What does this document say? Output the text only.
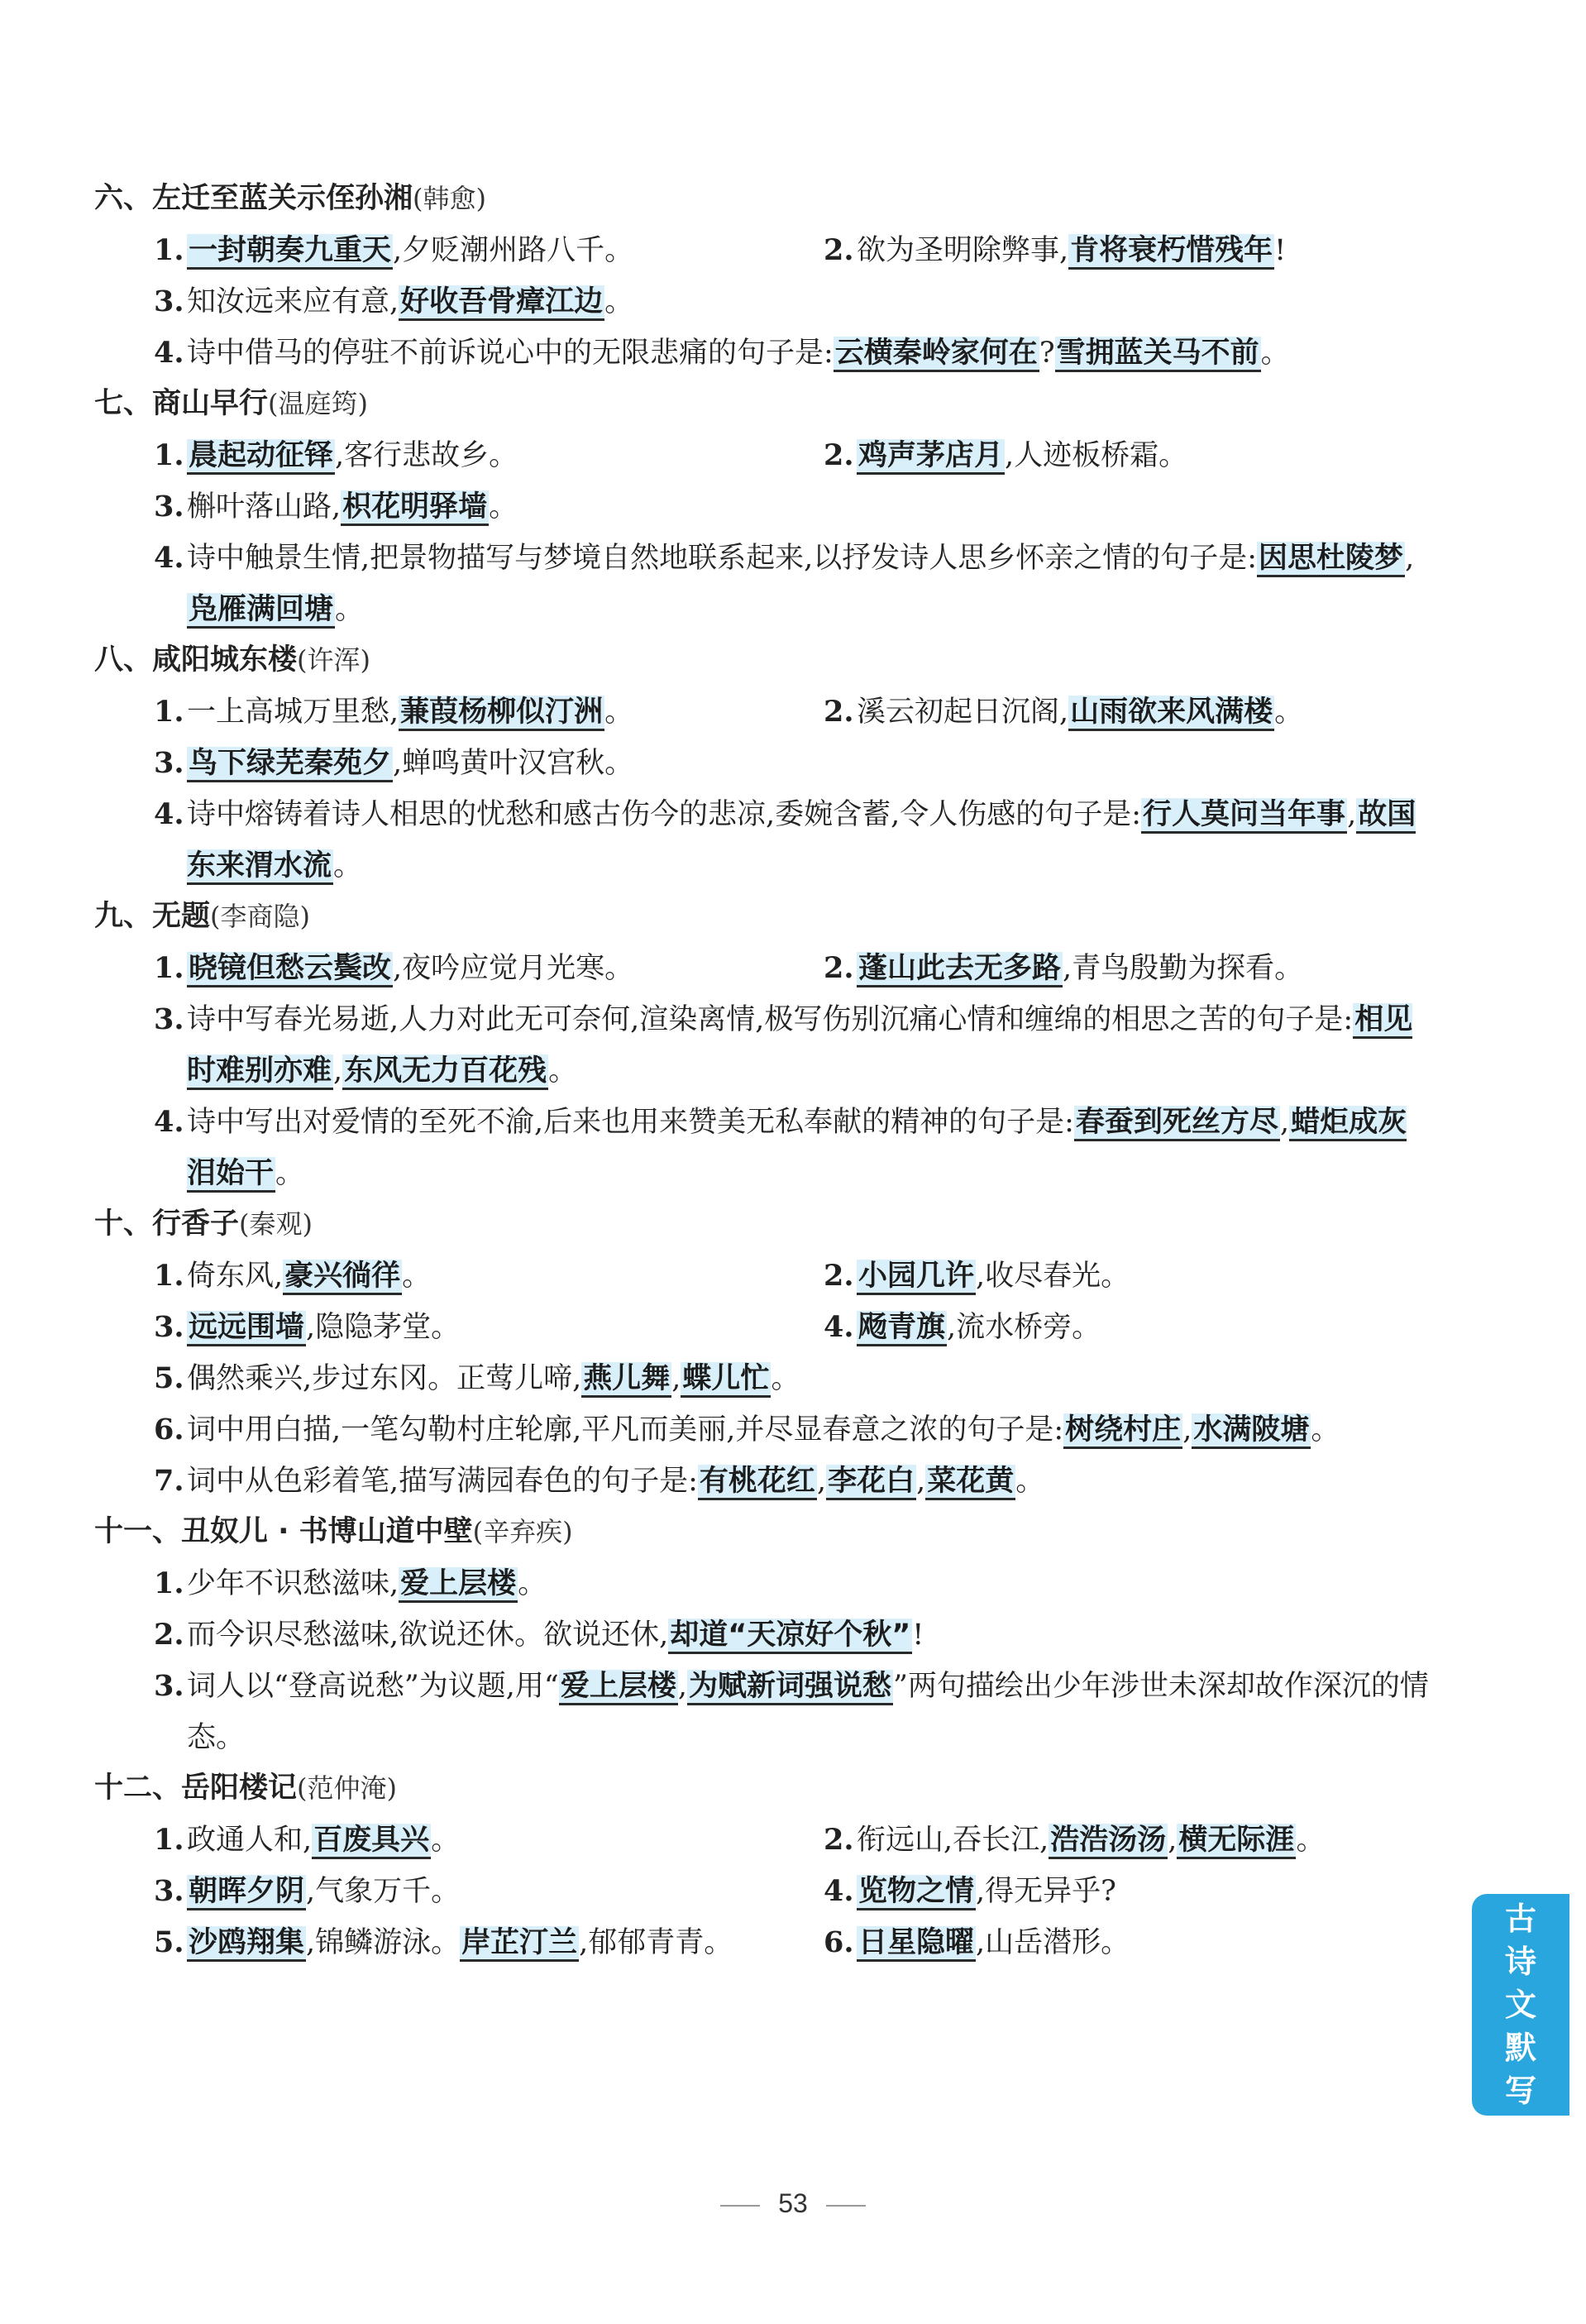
六、左迁至蓝关示侄孙湘(韩愈)
1. 一封朝奏九重天,夕贬潮州路八千。	2. 欲为圣明除弊事,肯将衰朽惜残年!
3. 知汝远来应有意,好收吾骨瘴江边。
4. 诗中借马的停驻不前诉说心中的无限悲痛的句子是:云横秦岭家何在?雪拥蓝关马不前。
七、商山早行(温庭筠)
1. 晨起动征铎,客行悲故乡。	2. 鸡声茅店月,人迹板桥霜。
3. 槲叶落山路,枳花明驿墙。
4. 诗中触景生情,把景物描写与梦境自然地联系起来,以抒发诗人思乡怀亲之情的句子是:因思杜陵梦,凫雁满回塘。
八、咸阳城东楼(许浑)
1. 一上高城万里愁,蒹葭杨柳似汀洲。	2. 溪云初起日沉阁,山雨欲来风满楼。
3. 鸟下绿芜秦苑夕,蝉鸣黄叶汉宫秋。
4. 诗中熔铸着诗人相思的忧愁和感古伤今的悲凉,委婉含蓄,令人伤感的句子是:行人莫问当年事,故国东来渭水流。
九、无题(李商隐)
1. 晓镜但愁云鬓改,夜吟应觉月光寒。	2. 蓬山此去无多路,青鸟殷勤为探看。
3. 诗中写春光易逝,人力对此无可奈何,渲染离情,极写伤别沉痛心情和缠绵的相思之苦的句子是:相见时难别亦难,东风无力百花残。
4. 诗中写出对爱情的至死不渝,后来也用来赞美无私奉献的精神的句子是:春蚕到死丝方尽,蜡炬成灰泪始干。
十、行香子(秦观)
1. 倚东风,豪兴徜徉。	2. 小园几许,收尽春光。
3. 远远围墙,隐隐茅堂。	4. 飏青旗,流水桥旁。
5. 偶然乘兴,步过东冈。正莺儿啼,燕儿舞,蝶儿忙。
6. 词中用白描,一笔勾勒村庄轮廓,平凡而美丽,并尽显春意之浓的句子是:树绕村庄,水满陂塘。
7. 词中从色彩着笔,描写满园春色的句子是:有桃花红,李花白,菜花黄。
十一、丑奴儿 · 书博山道中壁(辛弃疾)
1. 少年不识愁滋味,爱上层楼。
2. 而今识尽愁滋味,欲说还休。欲说还休,却道“天凉好个秋”!
3. 词人以“登高说愁”为议题,用“爱上层楼,为赋新词强说愁”两句描绘出少年涉世未深却故作深沉的情态。
十二、岳阳楼记(范仲淹)
1. 政通人和,百废具兴。	2. 衔远山,吞长江,浩浩汤汤,横无际涯。
3. 朝晖夕阴,气象万千。	4. 览物之情,得无异乎?
5. 沙鸥翔集,锦鳞游泳。岸芷汀兰,郁郁青青。	6. 日星隐曜,山岳潜形。
古
诗
文
默
写
53
